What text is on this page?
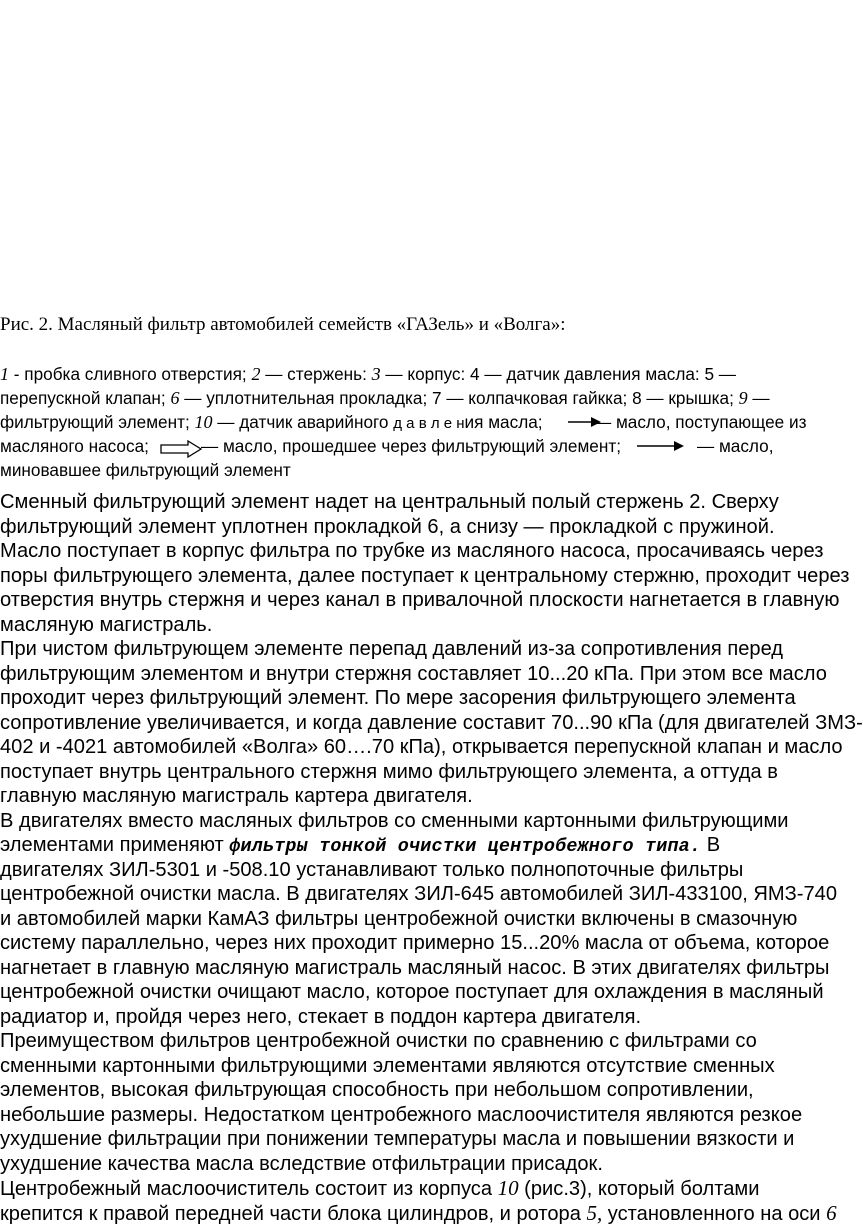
Рис. 2. Масляный фильтр автомобилей семейств «ГАЗель» и «Волга»:
1 - пробка сливного отверстия; 2 — стержень: 3 — корпус: 4 — датчик давления масла: 5 —
перепускной клапан; 6 — уплотнительная прокладка; 7 — колпачковая гайкка; 8 — крышка; 9 —
фильтрующий элемент; 10 — датчик аварийного д а в л е ния масла;	— масло, поступающее из
масляного насоса;	— масло, прошедшее через фильтрующий элемент;	— масло,
миновавшее фильтрующий элемент
Сменный фильтрующий элемент надет на центральный полый стержень 2. Сверху
фильтрующий элемент уплотнен прокладкой 6, а снизу — прокладкой с пружиной.
Масло поступает в корпус фильтра по трубке из масляного насоса, просачиваясь через
поры фильтрующего элемента, далее поступает к центральному стержню, проходит через
отверстия внутрь стержня и через канал в привалочной плоскости нагнетается в главную
масляную магистраль.
При чистом фильтрующем элементе перепад давлений из-за сопротивления перед
фильтрующим элементом и внутри стержня составляет 10...20 кПа. При этом все масло
проходит через фильтрующий элемент. По мере засорения фильтрующего элемента
сопротивление увеличивается, и когда давление составит 70...90 кПа (для двигателей ЗМЗ-
402 и -4021 автомобилей «Волга» 60….70 кПа), открывается перепускной клапан и масло
поступает внутрь центрального стержня мимо фильтрующего элемента, а оттуда в
главную масляную магистраль картера двигателя.
В двигателях вместо масляных фильтров со сменными картонными фильтрующими
элементами применяют фильтры тонкой очистки центробежного типа. В
двигателях ЗИЛ-5301 и -508.10 устанавливают только полнопоточные фильтры
центробежной очистки масла. В двигателях ЗИЛ-645 автомобилей ЗИЛ-433100, ЯМЗ-740
и автомобилей марки КамАЗ фильтры центробежной очистки включены в смазочную
систему параллельно, через них проходит примерно 15...20% масла от объема, которое
нагнетает в главную масляную магистраль масляный насос. В этих двигателях фильтры
центробежной очистки очищают масло, которое поступает для охлаждения в масляный
радиатор и, пройдя через него, стекает в поддон картера двигателя.
Преимуществом фильтров центробежной очистки по сравнению с фильтрами со
сменными картонными фильтрующими элементами являются отсутствие сменных
элементов, высокая фильтрующая способность при небольшом сопротивлении,
небольшие размеры. Недостатком центробежного маслоочистителя являются резкое
ухудшение фильтрации при понижении температуры масла и повышении вязкости и
ухудшение качества масла вследствие отфильтрации присадок.
Центробежный маслоочиститель состоит из корпуса 10 (рис.3), который болтами
крепится к правой передней части блока цилиндров, и ротора 5, установленного на оси 6
